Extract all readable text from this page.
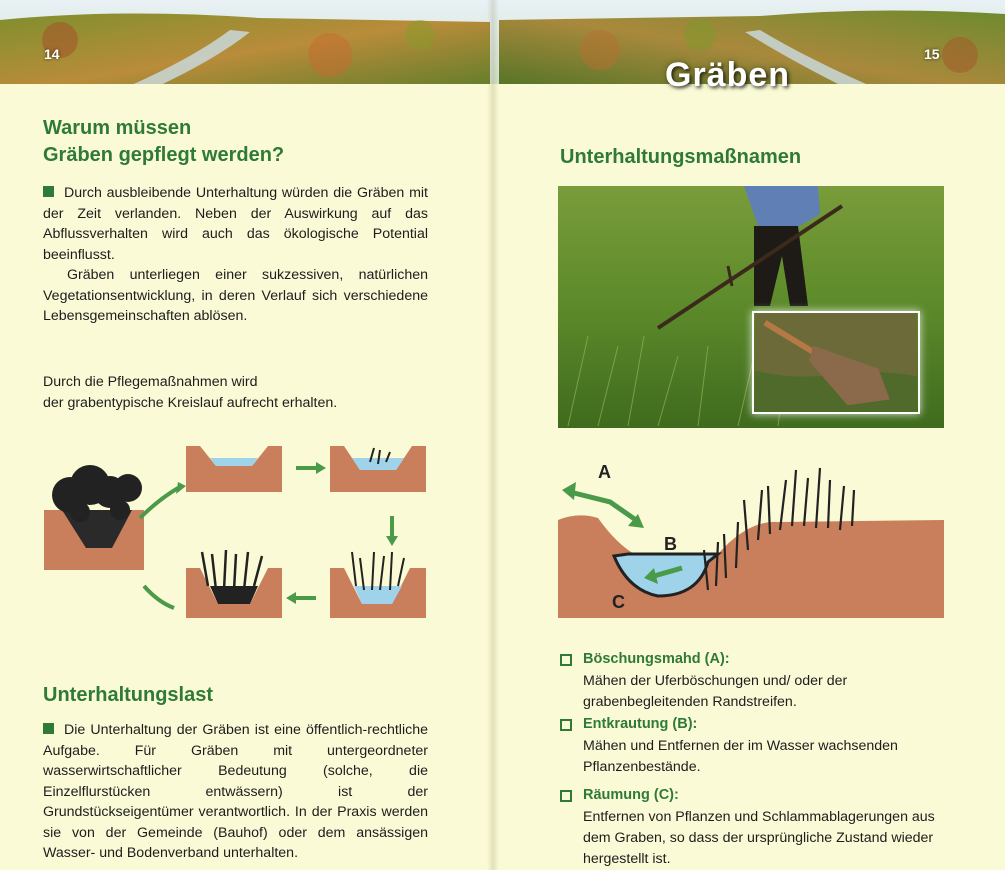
14	15
Gräben
Warum müssen
Gräben gepflegt werden?

Durch ausbleibende Unterhaltung würden die Gräben mit der Zeit verlanden. Neben der Auswirkung auf das Abflussverhalten wird auch das ökologische Potential beeinflusst.

Gräben unterliegen einer sukzessiven, natürlichen Vegetationsentwicklung, in deren Verlauf sich verschiedene Lebensgemeinschaften ablösen.

Durch die Pflegemaßnahmen wird
der grabentypische Kreislauf aufrecht erhalten.

Unterhaltungslast

Die Unterhaltung der Gräben ist eine öffentlich-rechtliche Aufgabe. Für Gräben mit untergeordneter wasserwirtschaftlicher Bedeutung (solche, die Einzelflurstücken entwässern) ist der Grundstückseigentümer verantwortlich. In der Praxis werden sie von der Gemeinde (Bauhof) oder dem ansässigen Wasser- und Bodenverband unterhalten.

Unterhaltungsmaßnamen
A
B
C
Böschungsmahd (A):
Mähen der Uferböschungen und/ oder der grabenbegleitenden Randstreifen.
Entkrautung (B):
Mähen und Entfernen der im Wasser wachsenden Pflanzenbestände.
Räumung (C):
Entfernen von Pflanzen und Schlammablagerungen aus dem Graben, so dass der ursprüngliche Zustand wieder hergestellt ist.
